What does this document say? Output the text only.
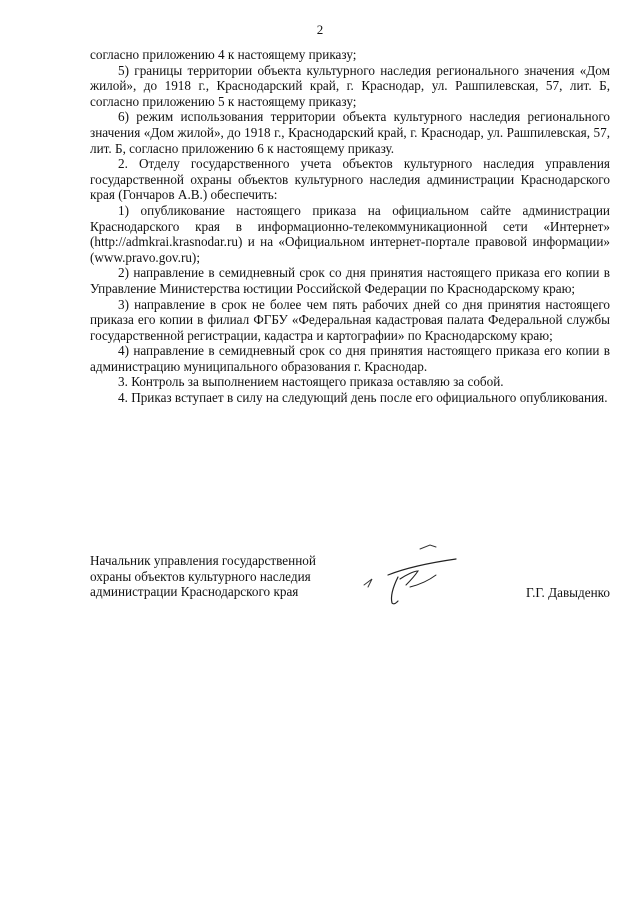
2

согласно приложению 4 к настоящему приказу;

5) границы территории объекта культурного наследия регионального значения «Дом жилой», до 1918 г., Краснодарский край, г. Краснодар, ул. Рашпилевская, 57, лит. Б, согласно приложению 5 к настоящему приказу;

6) режим использования территории объекта культурного наследия регионального значения «Дом жилой», до 1918 г., Краснодарский край, г. Краснодар, ул. Рашпилевская, 57, лит. Б, согласно приложению 6 к настоящему приказу.

2. Отделу государственного учета объектов культурного наследия управления государственной охраны объектов культурного наследия администрации Краснодарского края (Гончаров А.В.) обеспечить:

1) опубликование настоящего приказа на официальном сайте администрации Краснодарского края в информационно-телекоммуникационной сети «Интернет» (http://admkrai.krasnodar.ru) и на «Официальном интернет-портале правовой информации» (www.pravo.gov.ru);

2) направление в семидневный срок со дня принятия настоящего приказа его копии в Управление Министерства юстиции Российской Федерации по Краснодарскому краю;

3) направление в срок не более чем пять рабочих дней со дня принятия настоящего приказа его копии в филиал ФГБУ «Федеральная кадастровая палата Федеральной службы государственной регистрации, кадастра и картографии» по Краснодарскому краю;

4) направление в семидневный срок со дня принятия настоящего приказа его копии в администрацию муниципального образования г. Краснодар.

3. Контроль за выполнением настоящего приказа оставляю за собой.

4. Приказ вступает в силу на следующий день после его официального опубликования.

Начальник управления государственной
охраны объектов культурного наследия
администрации Краснодарского края	Г.Г. Давыденко
